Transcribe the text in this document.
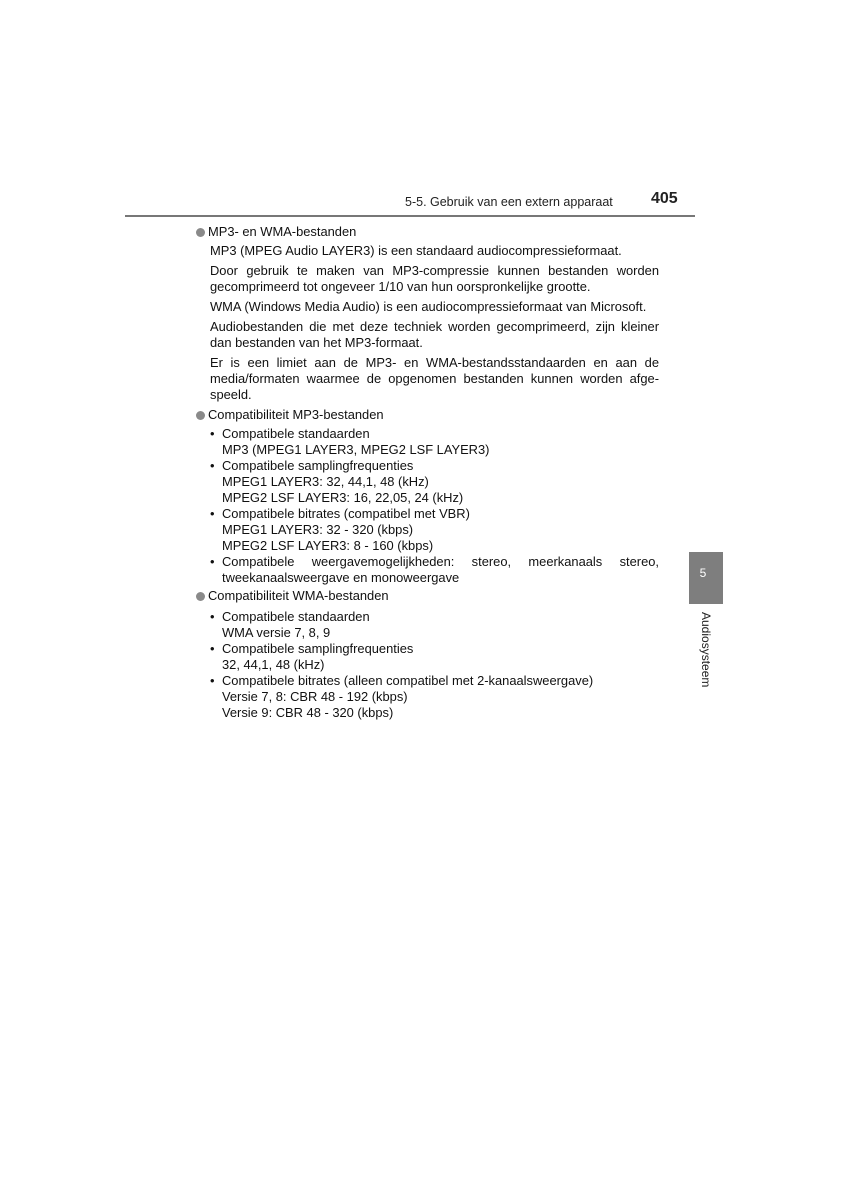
5-5. Gebruik van een extern apparaat 405
MP3- en WMA-bestanden

MP3 (MPEG Audio LAYER3) is een standaard audiocompressieformaat.

Door gebruik te maken van MP3-compressie kunnen bestanden worden gecomprimeerd tot ongeveer 1/10 van hun oorspronkelijke grootte.

WMA (Windows Media Audio) is een audiocompressieformaat van Microsoft.

Audiobestanden die met deze techniek worden gecomprimeerd, zijn kleiner dan bestanden van het MP3-formaat.

Er is een limiet aan de MP3- en WMA-bestandsstandaarden en aan de media/formaten waarmee de opgenomen bestanden kunnen worden afge-speeld.

Compatibiliteit MP3-bestanden
• Compatibele standaarden
MP3 (MPEG1 LAYER3, MPEG2 LSF LAYER3)
• Compatibele samplingfrequenties
MPEG1 LAYER3: 32, 44,1, 48 (kHz)
MPEG2 LSF LAYER3: 16, 22,05, 24 (kHz)
• Compatibele bitrates (compatibel met VBR)
MPEG1 LAYER3: 32 - 320 (kbps)
MPEG2 LSF LAYER3: 8 - 160 (kbps)
• Compatibele weergavemogelijkheden: stereo, meerkanaals stereo,
tweekanaalsweergave en monoweergave
Compatibiliteit WMA-bestanden
• Compatibele standaarden
WMA versie 7, 8, 9
• Compatibele samplingfrequenties
32, 44,1, 48 (kHz)
• Compatibele bitrates (alleen compatibel met 2-kanaalsweergave)
Versie 7, 8: CBR 48 - 192 (kbps)
Versie 9: CBR 48 - 320 (kbps)
5
Audiosysteem
